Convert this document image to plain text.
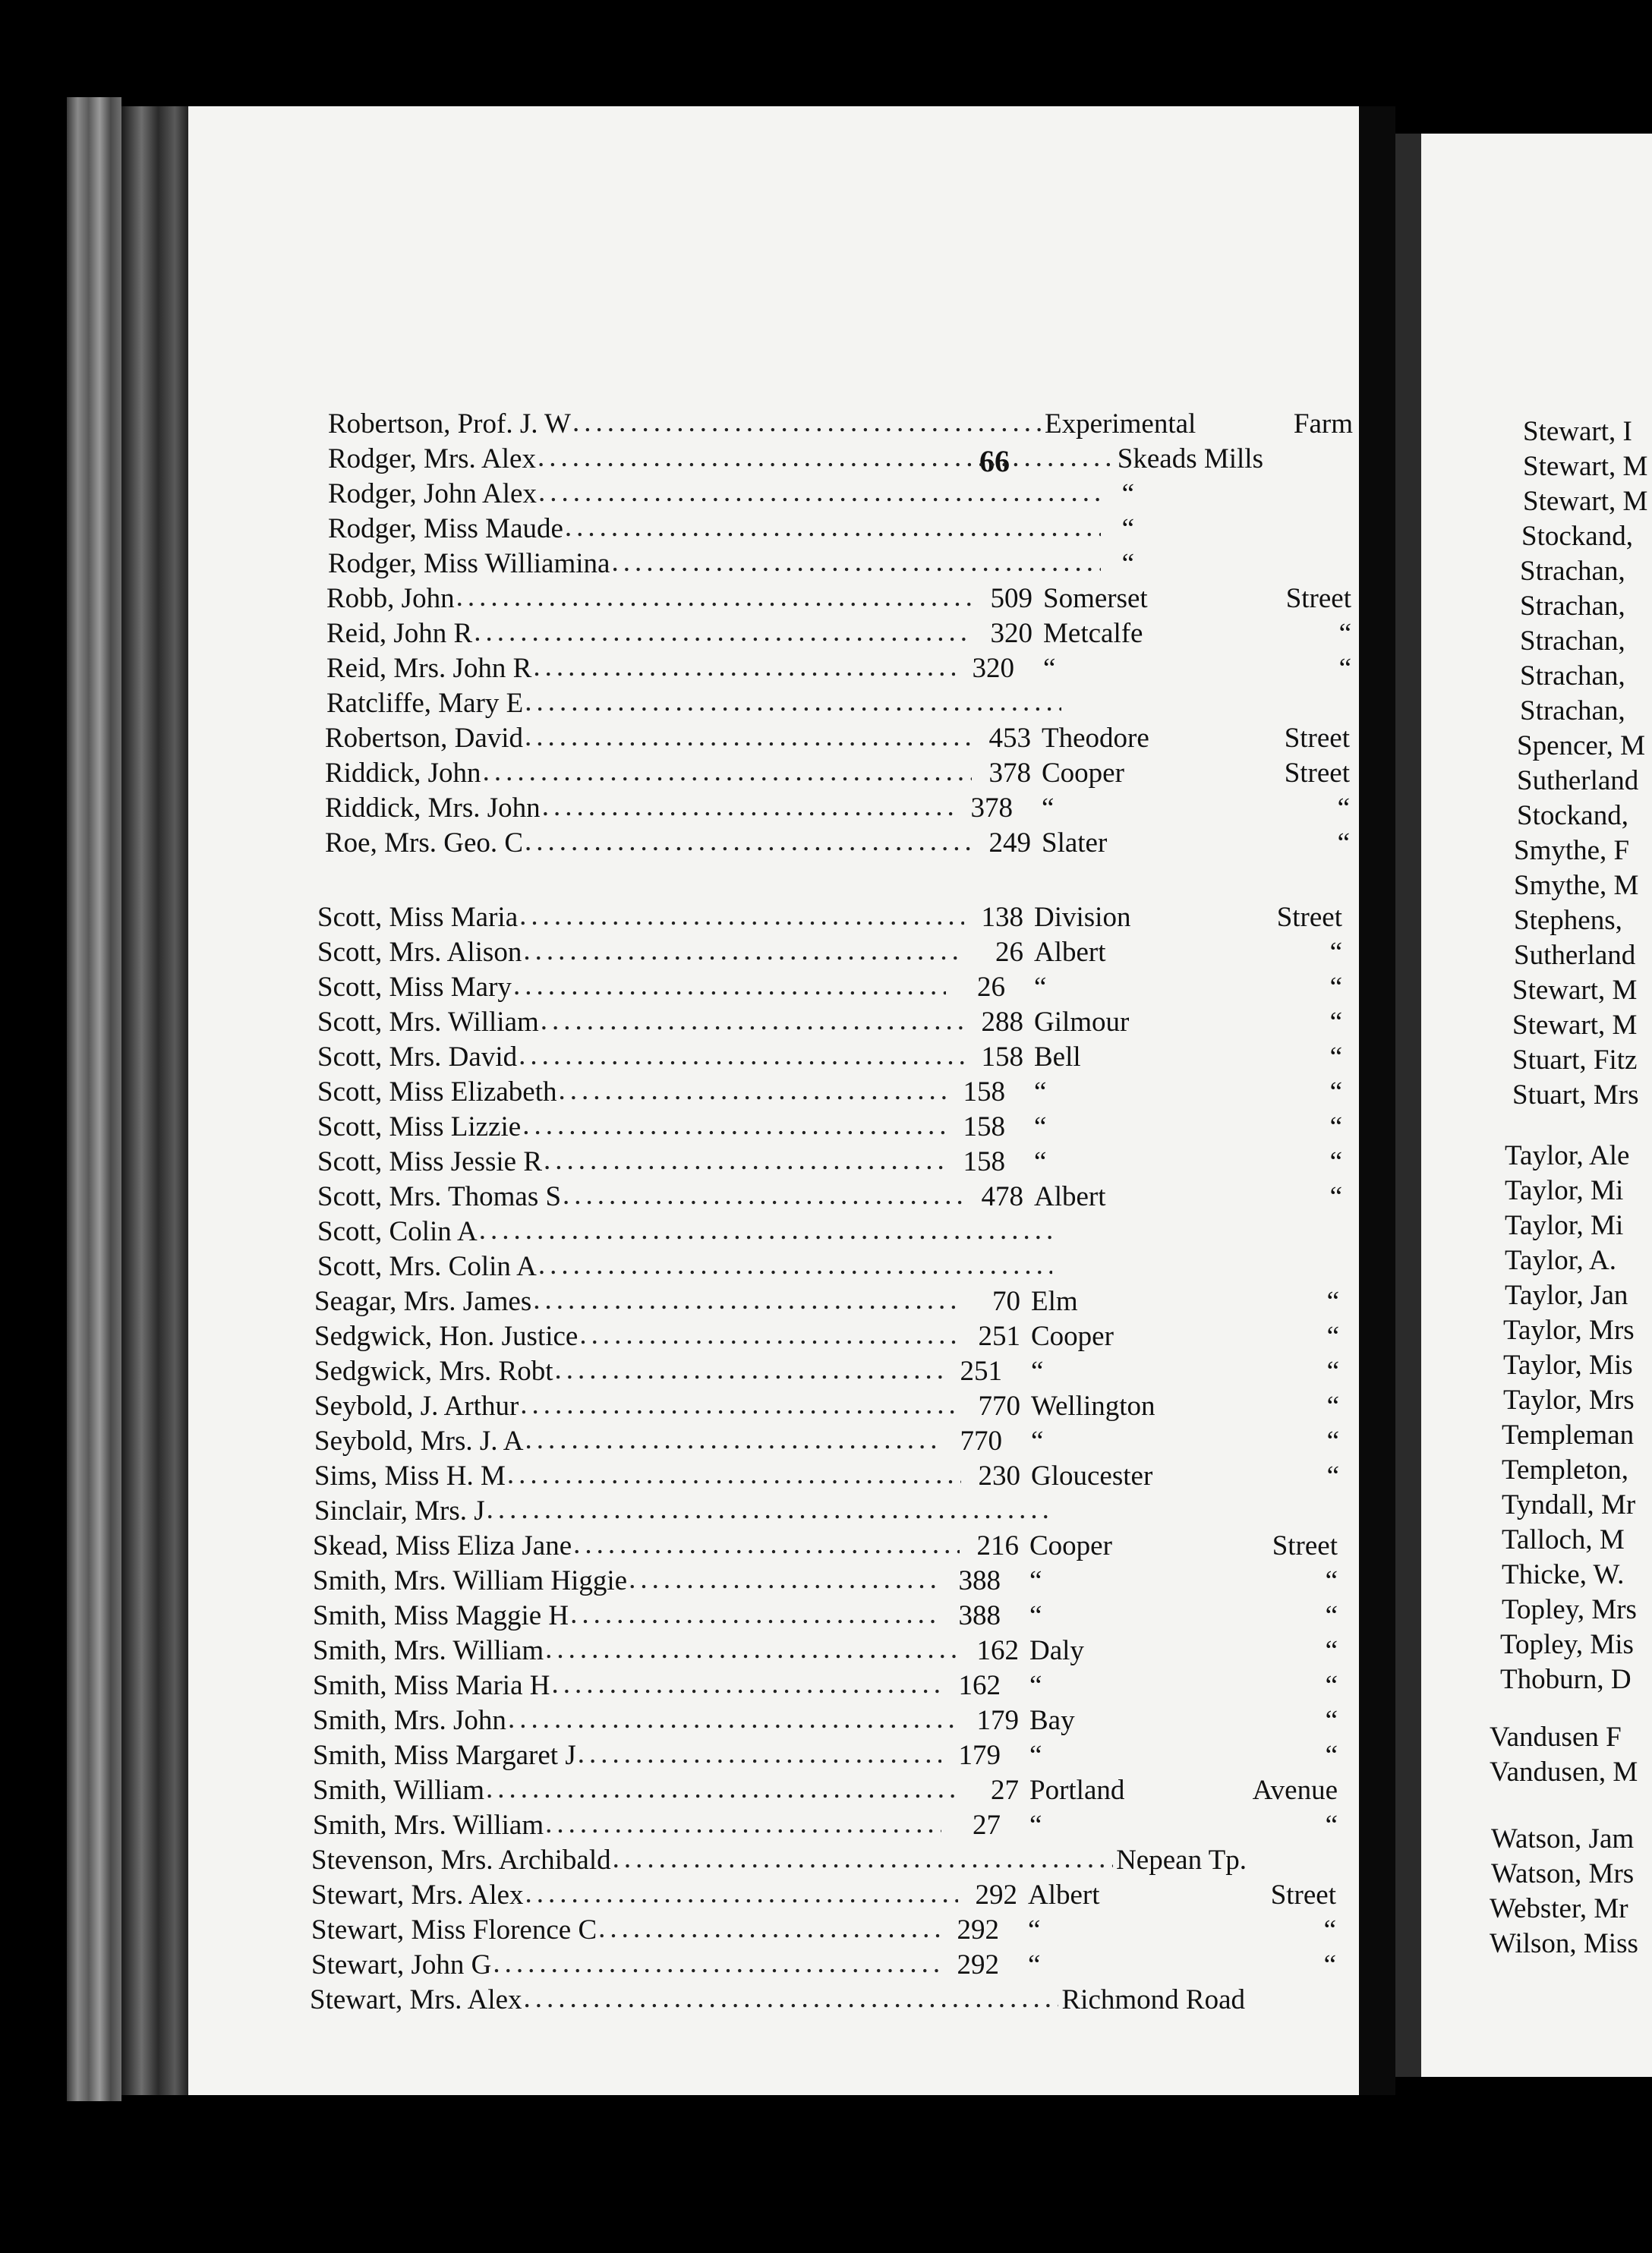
66
Robertson, Prof. J. W .....	Experimental	Farm
Rodger, Mrs. Alex .....	Skeads Mills
Rodger, John Alex .....	“
Rodger, Miss Maude .....	“
Rodger, Miss Williamina .....	“
Robb, John .....	509 Somerset	Street
Reid, John R .....	320 Metcalfe	“
Reid, Mrs. John R .....	320	“	“
Ratcliffe, Mary E
.....
Robertson, David .....	453 Theodore	Street
Riddick, John .....	378 Cooper	Street
Riddick, Mrs. John .....	378	“	“
Roe, Mrs. Geo. C .....	249 Slater	“
Scott, Miss Maria .....	138 Division	Street
Scott, Mrs. Alison .....	26 Albert	“
Scott, Miss Mary .....	26	“	“
Scott, Mrs. William .....	288 Gilmour	“
Scott, Mrs. David .....	158 Bell	“
Scott, Miss Elizabeth .....	158	“	“
Scott, Miss Lizzie .....	158	“	“
Scott, Miss Jessie R .....	158	“	“
Scott, Mrs. Thomas S .....	478 Albert	“
Scott, Colin A
.....
Scott, Mrs. Colin A
.....
Seagar, Mrs. James .....	70 Elm	“
Sedgwick, Hon. Justice .....	251 Cooper	“
Sedgwick, Mrs. Robt .....	251	“	“
Seybold, J. Arthur .....	770 Wellington	“
Seybold, Mrs. J. A .....	770	“	“
Sims, Miss H. M .....	230 Gloucester	“
Sinclair, Mrs. J
.....
Skead, Miss Eliza Jane .....	216 Cooper	Street
Smith, Mrs. William Higgie .....	388	“	“
Smith, Miss Maggie H .....	388	“	“
Smith, Mrs. William .....	162 Daly	“
Smith, Miss Maria H .....	162	“	“
Smith, Mrs. John .....	179 Bay	“
Smith, Miss Margaret J .....	179	“	“
Smith, William .....	27 Portland	Avenue
Smith, Mrs. William .....	27	“	“
Stevenson, Mrs. Archibald .....	Nepean Tp.
Stewart, Mrs. Alex .....	292 Albert	Street
Stewart, Miss Florence C .....	292	“	“
Stewart, John G .....	292	“	“
Stewart, Mrs. Alex .....	Richmond Road
Stewart, I
Stewart, M
Stewart, M
Stockand,
Strachan,
Strachan,
Strachan,
Strachan,
Strachan,
Spencer, M
Sutherland
Stockand,
Smythe, F
Smythe, M
Stephens,
Sutherland
Stewart, M
Stewart, M
Stuart, Fitz
Stuart, Mrs
Taylor, Ale
Taylor, Mi
Taylor, Mi
Taylor, A.
Taylor, Jan
Taylor, Mrs
Taylor, Mis
Taylor, Mrs
Templeman
Templeton,
Tyndall, Mr
Talloch, M
Thicke, W.
Topley, Mrs
Topley, Mis
Thoburn, D
Vandusen F
Vandusen, M
Watson, Jam
Watson, Mrs
Webster, Mr
Wilson, Miss
